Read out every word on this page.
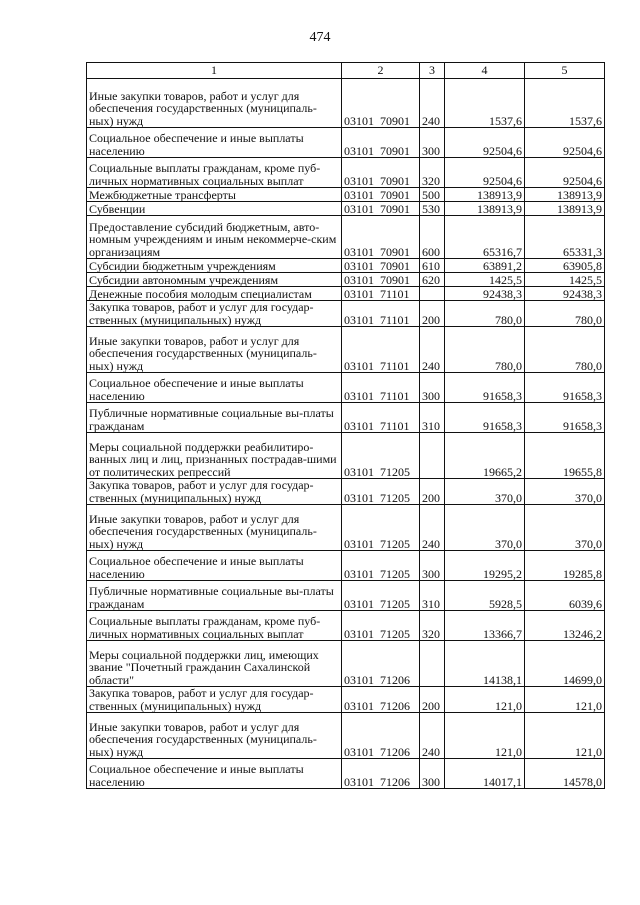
474
1	2	3	4	5
Иные закупки товаров, работ и услуг для обеспечения государственных (муниципаль-ных) нужд	03101  70901	240	1537,6	1537,6
Социальное обеспечение и иные выплаты населению	03101  70901	300	92504,6	92504,6
Социальные выплаты гражданам, кроме пуб-личных нормативных социальных выплат	03101  70901	320	92504,6	92504,6
Межбюджетные трансферты	03101  70901	500	138913,9	138913,9
Субвенции	03101  70901	530	138913,9	138913,9
Предоставление субсидий бюджетным, авто-номным учреждениям и иным некоммерче-ским организациям	03101  70901	600	65316,7	65331,3
Субсидии бюджетным учреждениям	03101  70901	610	63891,2	63905,8
Субсидии автономным учреждениям	03101  70901	620	1425,5	1425,5
Денежные пособия молодым специалистам	03101  71101		92438,3	92438,3
Закупка товаров, работ и услуг для государ-ственных (муниципальных) нужд	03101  71101	200	780,0	780,0
Иные закупки товаров, работ и услуг для обеспечения государственных (муниципаль-ных) нужд	03101  71101	240	780,0	780,0
Социальное обеспечение и иные выплаты населению	03101  71101	300	91658,3	91658,3
Публичные нормативные социальные вы-платы гражданам	03101  71101	310	91658,3	91658,3
Меры социальной поддержки реабилитиро-ванных лиц и лиц, признанных пострадав-шими от политических репрессий	03101  71205		19665,2	19655,8
Закупка товаров, работ и услуг для государ-ственных (муниципальных) нужд	03101  71205	200	370,0	370,0
Иные закупки товаров, работ и услуг для обеспечения государственных (муниципаль-ных) нужд	03101  71205	240	370,0	370,0
Социальное обеспечение и иные выплаты населению	03101  71205	300	19295,2	19285,8
Публичные нормативные социальные вы-платы гражданам	03101  71205	310	5928,5	6039,6
Социальные выплаты гражданам, кроме пуб-личных нормативных социальных выплат	03101  71205	320	13366,7	13246,2
Меры социальной поддержки лиц, имеющих звание "Почетный гражданин Сахалинской области"	03101  71206		14138,1	14699,0
Закупка товаров, работ и услуг для государ-ственных (муниципальных) нужд	03101  71206	200	121,0	121,0
Иные закупки товаров, работ и услуг для обеспечения государственных (муниципаль-ных) нужд	03101  71206	240	121,0	121,0
Социальное обеспечение и иные выплаты населению	03101  71206	300	14017,1	14578,0
